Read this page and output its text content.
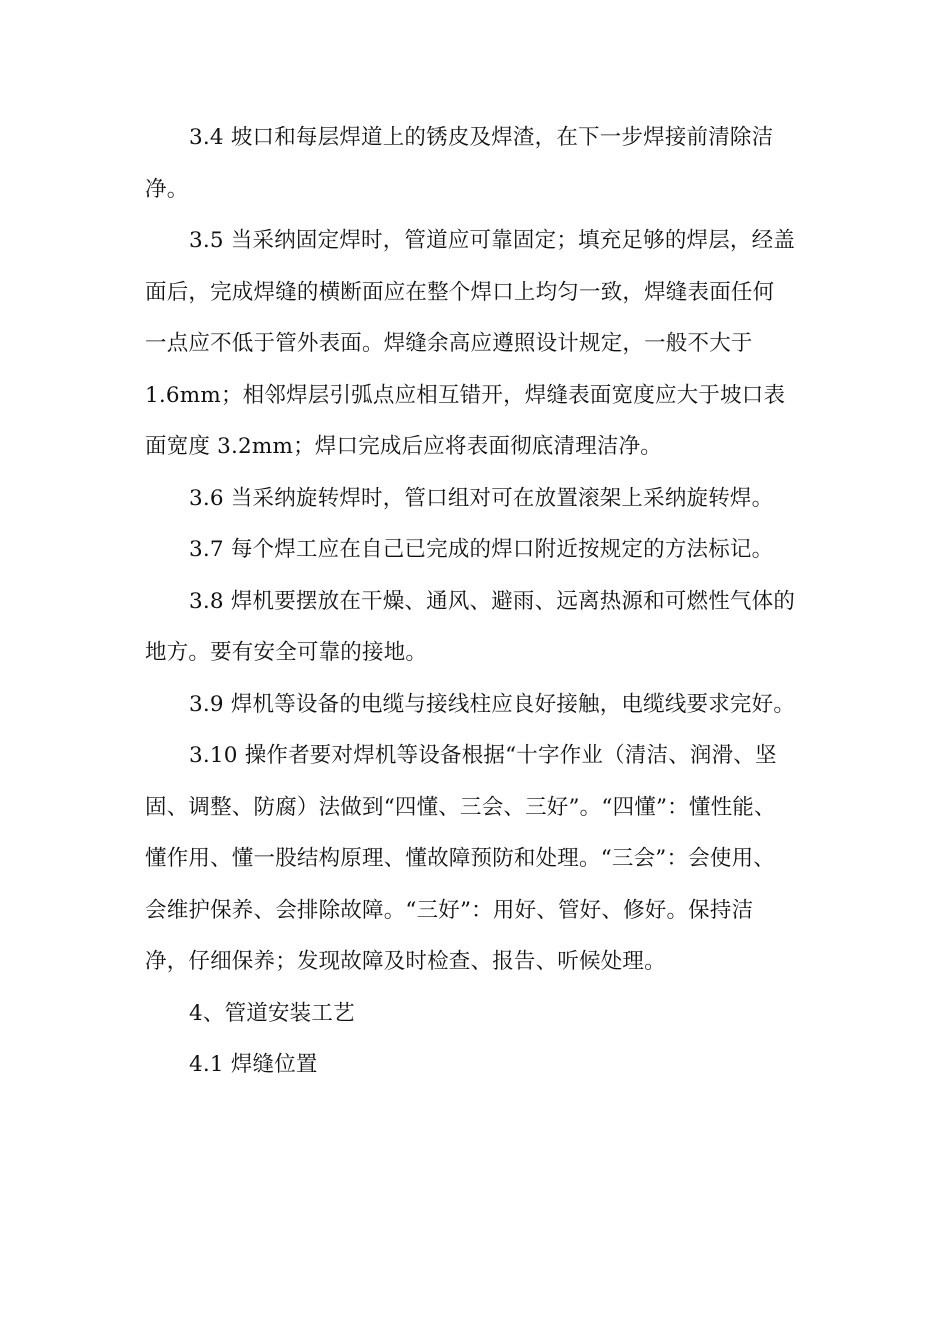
3.4 坡口和每层焊道上的锈皮及焊渣，在下一步焊接前清除洁
净。

3.5 当采纳固定焊时，管道应可靠固定；填充足够的焊层，经盖
面后，完成焊缝的横断面应在整个焊口上均匀一致，焊缝表面任何
一点应不低于管外表面。焊缝余高应遵照设计规定，一般不大于
1.6mm；相邻焊层引弧点应相互错开，焊缝表面宽度应大于坡口表
面宽度 3.2mm；焊口完成后应将表面彻底清理洁净。

3.6 当采纳旋转焊时，管口组对可在放置滚架上采纳旋转焊。

3.7 每个焊工应在自己已完成的焊口附近按规定的方法标记。

3.8 焊机要摆放在干燥、通风、避雨、远离热源和可燃性气体的
地方。要有安全可靠的接地。

3.9 焊机等设备的电缆与接线柱应良好接触，电缆线要求完好。

3.10 操作者要对焊机等设备根据“十字作业（清洁、润滑、坚
固、调整、防腐）法做到“四懂、三会、三好”。“四懂”：懂性能、
懂作用、懂一股结构原理、懂故障预防和处理。“三会”：会使用、
会维护保养、会排除故障。“三好”：用好、管好、修好。保持洁
净，仔细保养；发现故障及时检查、报告、听候处理。

4、管道安装工艺

4.1 焊缝位置
